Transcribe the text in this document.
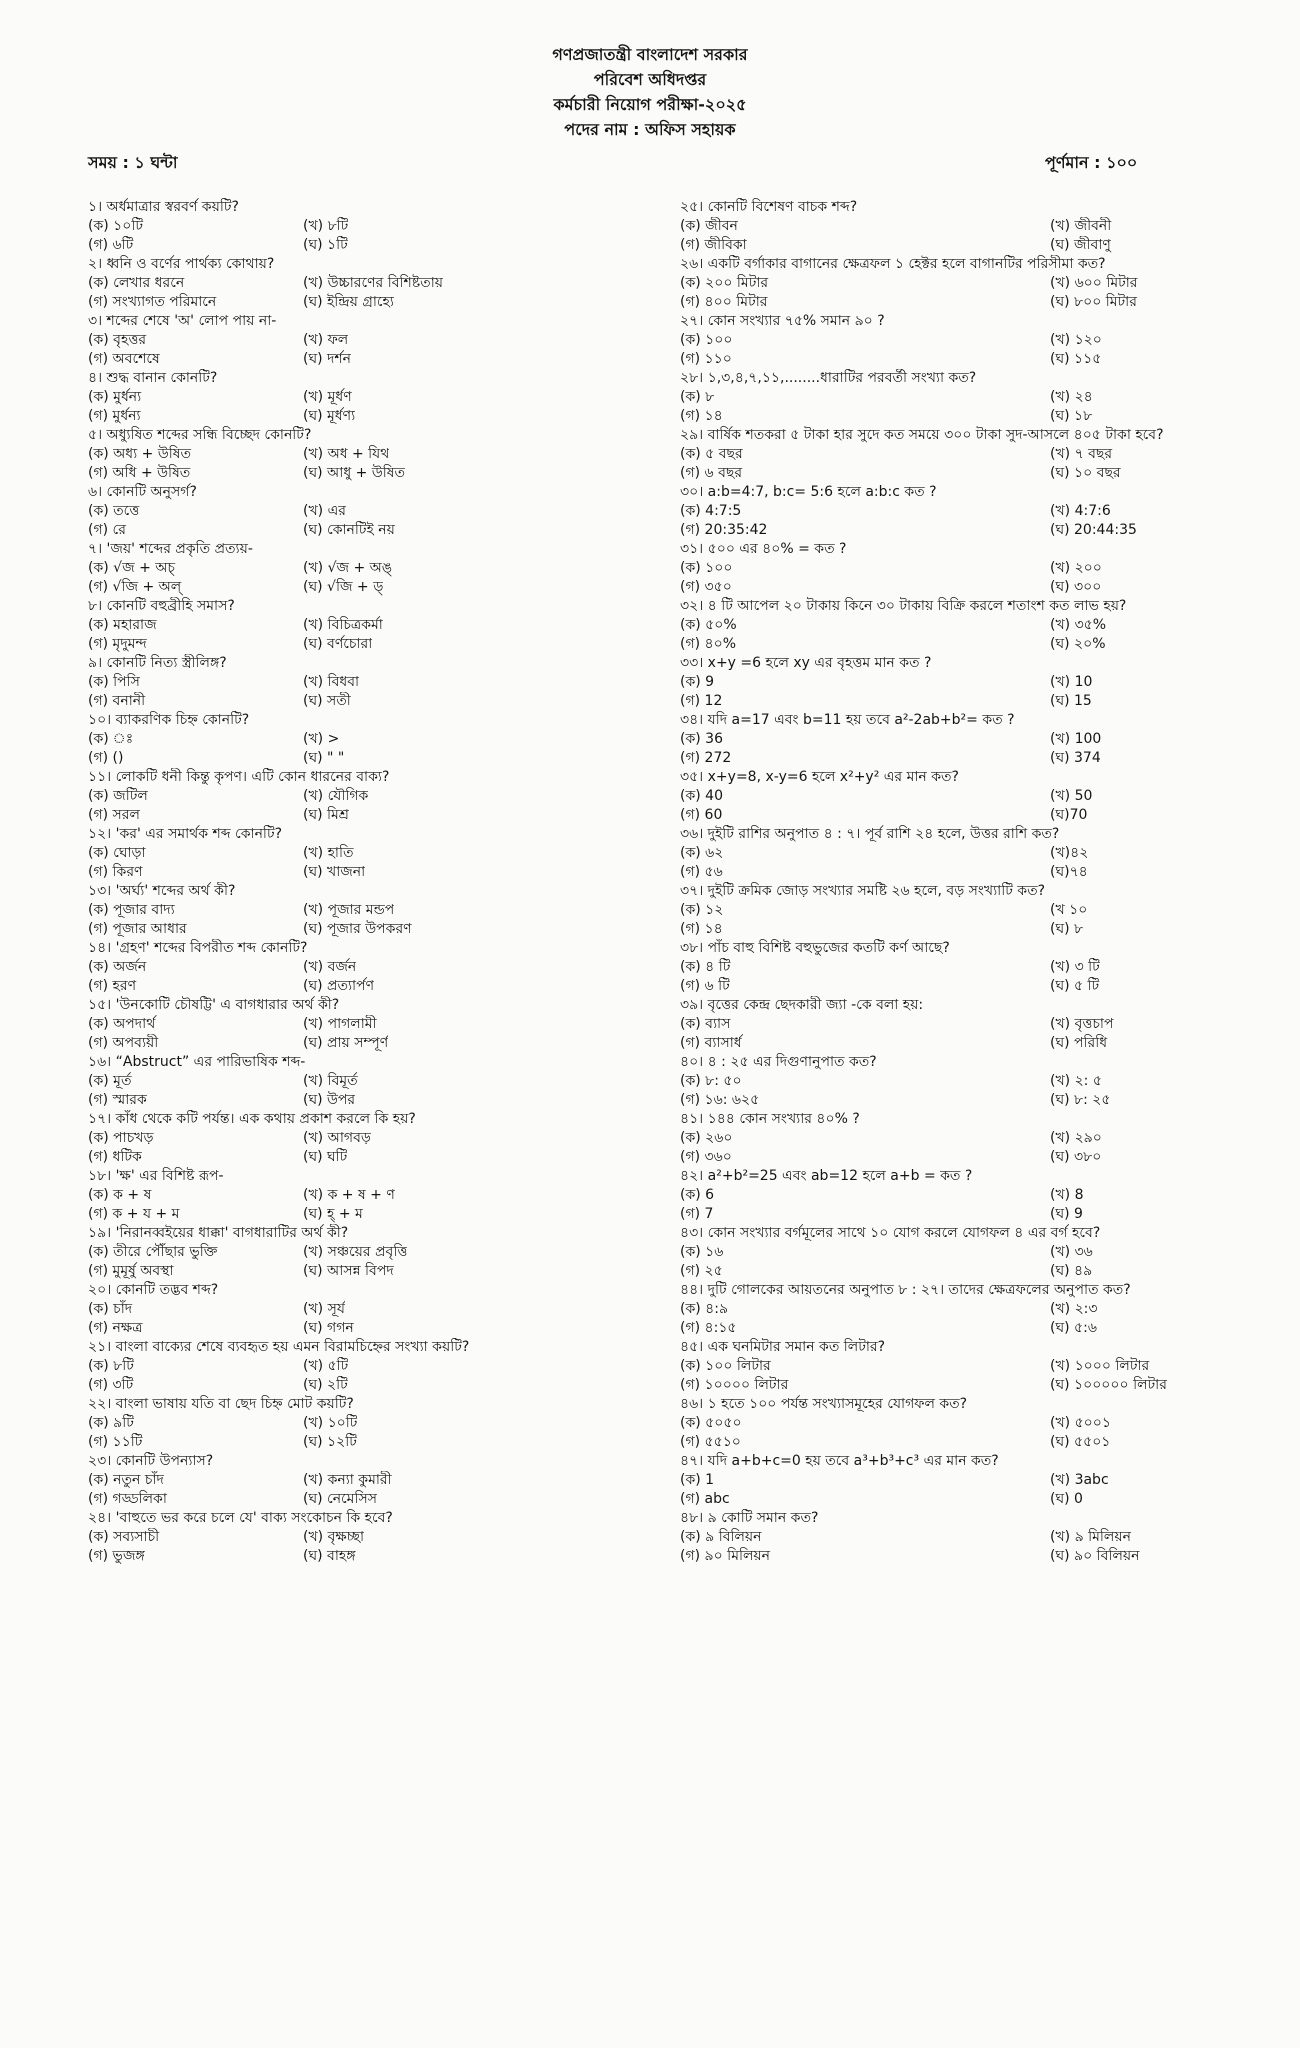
গণপ্রজাতন্ত্রী বাংলাদেশ সরকার
পরিবেশ অধিদপ্তর
কর্মচারী নিয়োগ পরীক্ষা-২০২৫
পদের নাম : অফিস সহায়ক
সময় : ১ ঘন্টা	পূর্ণমান : ১০০
১। অর্ধমাত্রার স্বরবর্ণ কয়টি?
(ক) ১০টি	(খ) ৮টি
(গ) ৬টি	(ঘ) ১টি
২। ধ্বনি ও বর্ণের পার্থক্য কোথায়?
(ক) লেখার ধরনে	(খ) উচ্চারণের বিশিষ্টতায়
(গ) সংখ্যাগত পরিমানে	(ঘ) ইন্দ্রিয় গ্রাহ্যে
৩। শব্দের শেষে 'অ' লোপ পায় না-
(ক) বৃহত্তর	(খ) ফল
(গ) অবশেষে	(ঘ) দর্শন
৪। শুদ্ধ বানান কোনটি?
(ক) মুর্ধন্য	(খ) মূর্ধণ
(গ) মুর্ধন্য	(ঘ) মূর্ধণ্য
৫। অধ্যুষিত শব্দের সন্ধি বিচ্ছেদ কোনটি?
(ক) অধ্য + উষিত	(খ) অধ + যিথ
(গ) অধি + উষিত	(ঘ) আধু + উষিত
৬। কোনটি অনুসর্গ?
(ক) তত্তে	(খ) এর
(গ) রে	(ঘ) কোনটিই নয়
৭। 'জয়' শব্দের প্রকৃতি প্রত্যয়-
(ক) √জ + অচ্	(খ) √জ + অঙ্
(গ) √জি + অল্	(ঘ) √জি + ড্
৮। কোনটি বহুব্রীহি সমাস?
(ক) মহারাজ	(খ) বিচিত্রকর্মা
(গ) মৃদুমন্দ	(ঘ) বর্ণচোরা
৯। কোনটি নিত্য স্ত্রীলিঙ্গ?
(ক) পিসি	(খ) বিধবা
(গ) বনানী	(ঘ) সতী
১০। ব্যাকরণিক চিহ্ন কোনটি?
(ক) ঃ	(খ) >
(গ) ()	(ঘ) " "
১১। লোকটি ধনী কিন্তু কৃপণ। এটি কোন ধারনের বাক্য?
(ক) জটিল	(খ) যৌগিক
(গ) সরল	(ঘ) মিশ্র
১২। 'কর' এর সমার্থক শব্দ কোনটি?
(ক) ঘোড়া	(খ) হাতি
(গ) কিরণ	(ঘ) খাজনা
১৩। 'অর্ঘ্য' শব্দের অর্থ কী?
(ক) পূজার বাদ্য	(খ) পূজার মন্ডপ
(গ) পূজার আধার	(ঘ) পূজার উপকরণ
১৪। 'গ্রহণ' শব্দের বিপরীত শব্দ কোনটি?
(ক) অর্জন	(খ) বর্জন
(গ) হরণ	(ঘ) প্রত্যার্পণ
১৫। 'উনকোটি চৌষট্টি' এ বাগধারার অর্থ কী?
(ক) অপদার্থ	(খ) পাগলামী
(গ) অপব্যয়ী	(ঘ) প্রায় সম্পূর্ণ
১৬। “Abstruct” এর পারিভাষিক শব্দ-
(ক) মূর্ত	(খ) বিমূর্ত
(গ) স্মারক	(ঘ) উপর
১৭। কাঁধ থেকে কটি পর্যন্ত। এক কথায় প্রকাশ করলে কি হয়?
(ক) পাচখড়	(খ) আগবড়
(গ) ধটিক	(ঘ) ঘটি
১৮। 'ক্ষ' এর বিশিষ্ট রূপ-
(ক) ক + ষ	(খ) ক + ষ + ণ
(গ) ক + য + ম	(ঘ) হ্ + ম
১৯। 'নিরানব্বইয়ের ধাক্কা' বাগধারাটির অর্থ কী?
(ক) তীরে পৌঁছার ভুক্তি	(খ) সঞ্চয়ের প্রবৃত্তি
(গ) মুমূর্ষু অবস্থা	(ঘ) আসন্ন বিপদ
২০। কোনটি তদ্ভব শব্দ?
(ক) চাঁদ	(খ) সূর্য
(গ) নক্ষত্র	(ঘ) গগন
২১। বাংলা বাক্যের শেষে ব্যবহৃত হয় এমন বিরামচিহ্নের সংখ্যা কয়টি?
(ক) ৮টি	(খ) ৫টি
(গ) ৩টি	(ঘ) ২টি
২২। বাংলা ভাষায় যতি বা ছেদ চিহ্ন মোট কয়টি?
(ক) ৯টি	(খ) ১০টি
(গ) ১১টি	(ঘ) ১২টি
২৩। কোনটি উপন্যাস?
(ক) নতুন চাঁদ	(খ) কন্যা কুমারী
(গ) গড্ডলিকা	(ঘ) নেমেসিস
২৪। 'বাহুতে ভর করে চলে যে' বাক্য সংকোচন কি হবে?
(ক) সব্যসাচী	(খ) বৃক্ষচ্ছা
(গ) ভুজঙ্গ	(ঘ) বাহঙ্গ
২৫। কোনটি বিশেষণ বাচক শব্দ?
(ক) জীবন	(খ) জীবনী
(গ) জীবিকা	(ঘ) জীবাণু
২৬। একটি বর্গাকার বাগানের ক্ষেত্রফল ১ হেক্টর হলে বাগানটির পরিসীমা কত?
(ক) ২০০ মিটার	(খ) ৬০০ মিটার
(গ) ৪০০ মিটার	(ঘ) ৮০০ মিটার
২৭। কোন সংখ্যার ৭৫% সমান ৯০ ?
(ক) ১০০	(খ) ১২০
(গ) ১১০	(ঘ) ১১৫
২৮। ১,৩,৪,৭,১১,........ধারাটির পরবর্তী সংখ্যা কত?
(ক) ৮	(খ) ২৪
(গ) ১৪	(ঘ) ১৮
২৯। বার্ষিক শতকরা ৫ টাকা হার সুদে কত সময়ে ৩০০ টাকা সুদ-আসলে ৪০৫ টাকা হবে?
(ক) ৫ বছর	(খ) ৭ বছর
(গ) ৬ বছর	(ঘ) ১০ বছর
৩০। a:b=4:7, b:c= 5:6 হলে a:b:c কত ?
(ক) 4:7:5	(খ) 4:7:6
(গ) 20:35:42	(ঘ) 20:44:35
৩১। ৫০০ এর ৪০% = কত ?
(ক) ১০০	(খ) ২০০
(গ) ৩৫০	(ঘ) ৩০০
৩২। ৪ টি আপেল ২০ টাকায় কিনে ৩০ টাকায় বিক্রি করলে শতাংশ কত লাভ হয়?
(ক) ৫০%	(খ) ৩৫%
(গ) ৪০%	(ঘ) ২০%
৩৩। x+y =6 হলে xy এর বৃহত্তম মান কত ?
(ক) 9	(খ) 10
(গ) 12	(ঘ) 15
৩৪। যদি a=17 এবং b=11 হয় তবে a²-2ab+b²= কত ?
(ক) 36	(খ) 100
(গ) 272	(ঘ) 374
৩৫। x+y=8, x-y=6 হলে x²+y² এর মান কত?
(ক) 40	(খ) 50
(গ) 60	(ঘ)70
৩৬। দুইটি রাশির অনুপাত ৪ : ৭। পূর্ব রাশি ২৪ হলে, উত্তর রাশি কত?
(ক) ৬২	(খ)৪২
(গ) ৫৬	(ঘ)৭৪
৩৭। দুইটি ক্রমিক জোড় সংখ্যার সমষ্টি ২৬ হলে, বড় সংখ্যাটি কত?
(ক) ১২	(খ ১০
(গ) ১৪	(ঘ) ৮
৩৮। পাঁচ বাহু বিশিষ্ট বহুভুজের কতটি কর্ণ আছে?
(ক) ৪ টি	(খ) ৩ টি
(গ) ৬ টি	(ঘ) ৫ টি
৩৯। বৃত্তের কেন্দ্র ছেদকারী জ্যা -কে বলা হয়:
(ক) ব্যাস	(খ) বৃত্তচাপ
(গ) ব্যাসার্ধ	(ঘ) পরিধি
৪০। ৪ : ২৫ এর দিগুণানুপাত কত?
(ক) ৮: ৫০	(খ) ২: ৫
(গ) ১৬: ৬২৫	(ঘ) ৮: ২৫
৪১। ১৪৪ কোন সংখ্যার ৪০% ?
(ক) ২৬০	(খ) ২৯০
(গ) ৩৬০	(ঘ) ৩৮০
৪২। a²+b²=25 এবং ab=12 হলে a+b = কত ?
(ক) 6	(খ) 8
(গ) 7	(ঘ) 9
৪৩। কোন সংখ্যার বর্গমূলের সাথে ১০ যোগ করলে যোগফল ৪ এর বর্গ হবে?
(ক) ১৬	(খ) ৩৬
(গ) ২৫	(ঘ) ৪৯
৪৪। দুটি গোলকের আয়তনের অনুপাত ৮ : ২৭। তাদের ক্ষেত্রফলের অনুপাত কত?
(ক) ৪:৯	(খ) ২:৩
(গ) ৪:১৫	(ঘ) ৫:৬
৪৫। এক ঘনমিটার সমান কত লিটার?
(ক) ১০০ লিটার	(খ) ১০০০ লিটার
(গ) ১০০০০ লিটার	(ঘ) ১০০০০০ লিটার
৪৬। ১ হতে ১০০ পর্যন্ত সংখ্যাসমূহের যোগফল কত?
(ক) ৫০৫০	(খ) ৫০০১
(গ) ৫৫১০	(ঘ) ৫৫০১
৪৭। যদি a+b+c=0 হয় তবে a³+b³+c³ এর মান কত?
(ক) 1	(খ) 3abc
(গ) abc	(ঘ) 0
৪৮। ৯ কোটি সমান কত?
(ক) ৯ বিলিয়ন	(খ) ৯ মিলিয়ন
(গ) ৯০ মিলিয়ন	(ঘ) ৯০ বিলিয়ন
